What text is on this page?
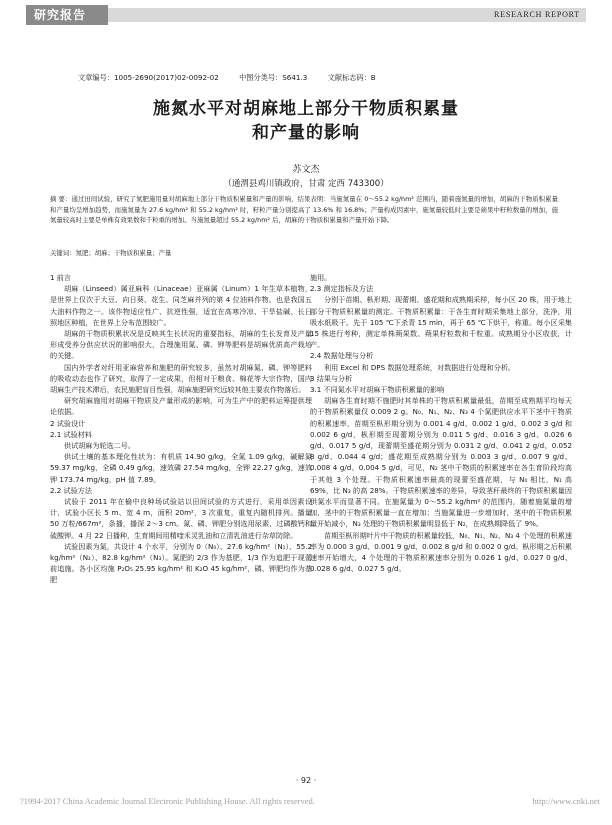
研究报告	RESEARCH REPORT
文章编号：1005-2690(2017)02-0092-02	中图分类号：S641.3	文献标志码：B
施氮水平对胡麻地上部分干物质积累量
和产量的影响
苏文杰
（通渭县鸡川镇政府，甘肃 定西 743300）
摘 要：通过田间试验，研究了氮肥施用量对胡麻地上部分干物质积累量和产量的影响，结果表明：当施氮量在 0～55.2 kg/hm² 范围内，随着施氮量的增加，胡麻的干物质积累量和产量均呈增加趋势，而施氮量为 27.6 kg/hm² 和 55.2 kg/hm² 时，籽粒产量分别提高了 13.6% 和 16.8%；产量构成因素中，施氮量较低时主要是蒴果中籽粒数量的增加，施氮量较高时主要是单株有效果数和千粒重的增加。当施氮量超过 55.2 kg/hm² 后，胡麻的干物质积累量和产量开始下降。
关键词：氮肥；胡麻；干物质积累量；产量

1 前言

胡麻（Linseed）属亚麻科（Linaceae）亚麻属（Linum）1 年生草本植物，是世界上仅次于大豆、向日葵、花生、同芝麻并列的第 4 位油料作物。也是我国五大油料作物之一。该作物适应性广、抗逆性强，适宜在高寒冷凉、干旱盐碱、长日照地区种植，在世界上分布范围较广。

胡麻的干物质积累状况是反映其生长状况的重要指标，胡麻的生长发育及产量形成受养分供应状况的影响很大，合理施用氮、磷、钾等肥料是胡麻优质高产栽培的关键。

国内外学者对纤用亚麻营养和施肥的研究较多，虽然对胡麻氮、磷、钾等肥料的吸收动态也作了研究，取得了一定成果，但相对于粮食、棉花等大宗作物，国内胡麻生产技术滞后，农民施肥盲目性强，胡麻施肥研究远较其他主要农作物落后。

研究胡麻施用对胡麻干物质及产量形成的影响，可为生产中的肥料运筹提供理论依据。

2 试验设计

2.1 试验材料

供试胡麻为轮选二号。

供试土壤的基本理化性状为：有机质 14.90 g/kg，全氮 1.09 g/kg，碱解氮 59.37 mg/kg，全磷 0.49 g/kg，速效磷 27.54 mg/kg，全钾 22.27 g/kg，速效钾 173.74 mg/kg，pH 值 7.89。

2.2 试验方法

试验于 2011 年在榆中良种场试验站以田间试验的方式进行，采用单因素设计，试验小区长 5 m、宽 4 m，面积 20m²，3 次重复，重复内随机排列。播量 50 万粒/667m²，条播，播深 2～3 cm。氮、磷、钾肥分别选用尿素、过磷酸钙和硫酸钾。4 月 22 日播种，生育期间用精喹禾灵乳油和立清乳油进行杂草防除。

试验因素为氮，共设计 4 个水平，分别为 0（N₀）、27.6 kg/hm²（N₁）、55.2 kg/hm²（N₂）、82.8 kg/hm²（N₃）。氮肥的 2/3 作为基肥，1/3 作为追肥于现蕾前追施。各小区均施 P₂O₅ 25.95 kg/hm² 和 K₂O 45 kg/hm²，磷、钾肥均作为基肥

施用。

2.3 测定指标及方法

分别于苗期、枞形期、现蕾期、盛花期和成熟期采样，每小区 20 株，用于地上部分干物质积累量的测定。干物质积累量：于各生育时期采集地上部分，洗净，用吸水纸吸干。先于 105 ℃下杀青 15 min，再于 65 ℃下烘干，称重。每小区采集 15 株进行考种，测定单株蒴果数、蒴果籽粒数和千粒重。成熟期分小区收获，计产。

2.4 数据处理与分析

利用 Excel 和 DPS 数据处理系统，对数据进行处理和分析。

3 结果与分析

3.1 不同氮水平对胡麻干物质积累量的影响

胡麻各生育时期不施肥时其单株的干物质积累量最低，苗期至成熟期平均每天的干物质积累量仅 0.009 2 g。N₀、N₁、N₂、N₃ 4 个氮肥供应水平下茎中干物质的积累速率，苗期至枞形期分别为 0.001 4 g/d、0.002 1 g/d、0.002 3 g/d 和 0.002 6 g/d，枞形期至现蕾期分别为 0.011 5 g/d、0.016 3 g/d、0.026 6 g/d、0.017 5 g/d，现蕾期至盛花期分别为 0.031 2 g/d、0.041 2 g/d、0.052 8 g/d、0.044 4 g/d；盛花期至成熟期分别为 0.003 3 g/d、0.007 9 g/d、0.008 4 g/d、0.004 5 g/d，可见，N₂ 茎中干物质的积累速率在各生育阶段均高于其他 3 个处理。干物质积累速率最高的现蕾至盛花期，与 N₀ 相比，N₁ 高 69%，比 N₃ 的高 28%。干物质积累速率的差异，导致茎秆最终的干物质积累量因供氮水平而显著不同。在施氮量为 0～55.2 kg/hm² 的范围内，随着施氮量的增加，茎中的干物质积累量一直在增加；当施氮量进一步增加时，茎中的干物质积累量开始减小，N₃ 处理的干物质积累量明显低于 N₂，在成熟期降低了 9%。

苗期至枞形期叶片中干物质的积累量较低，N₀、N₁、N₂、N₃ 4 个处理的积累速率为 0.000 3 g/d、0.001 9 g/d、0.002 8 g/d 和 0.002 0 g/d。枞形期之后积累速率开始增大，4 个处理的干物质积累速率分别为 0.026 1 g/d、0.027 0 g/d、0.028 6 g/d、0.027 5 g/d。

· 92 ·
?1994-2017 China Academic Journal Electronic Publishing House. All rights reserved.	http://www.cnki.net
